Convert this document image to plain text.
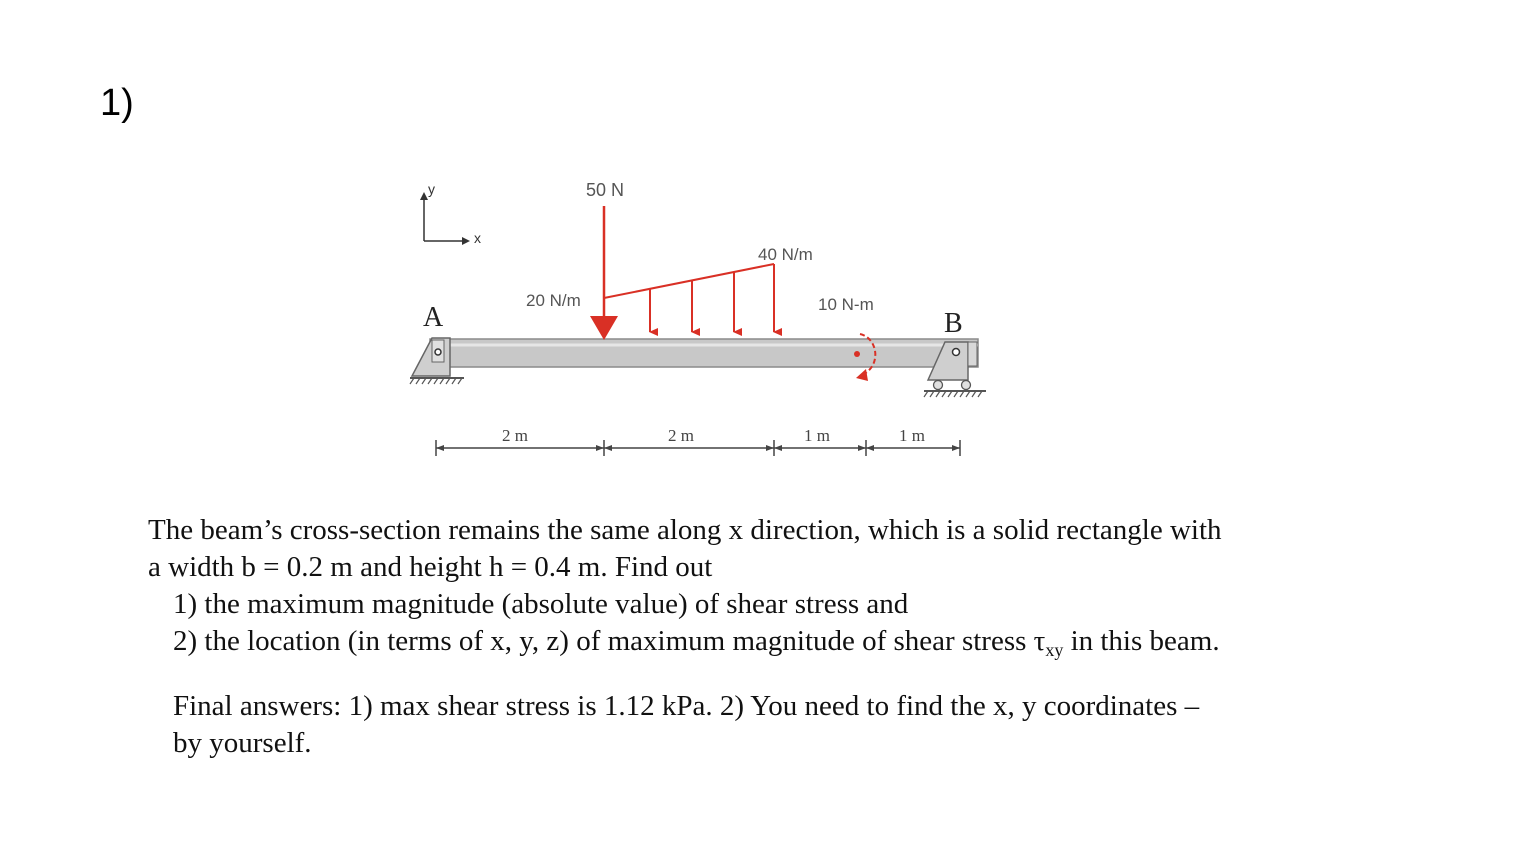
1)
y
x
A	B
50 N
20 N/m
40 N/m
10 N-m
2 m	2 m	1 m	1 m

The beam’s cross-section remains the same along x direction, which is a solid rectangle with

a width b = 0.2 m and height h = 0.4 m. Find out

1) the maximum magnitude (absolute value) of shear stress and

2) the location (in terms of x, y, z) of maximum magnitude of shear stress $\tau_{xy}$ in this beam.

Final answers: 1) max shear stress is 1.12 kPa. 2) You need to find the x, y coordinates –

by yourself.
